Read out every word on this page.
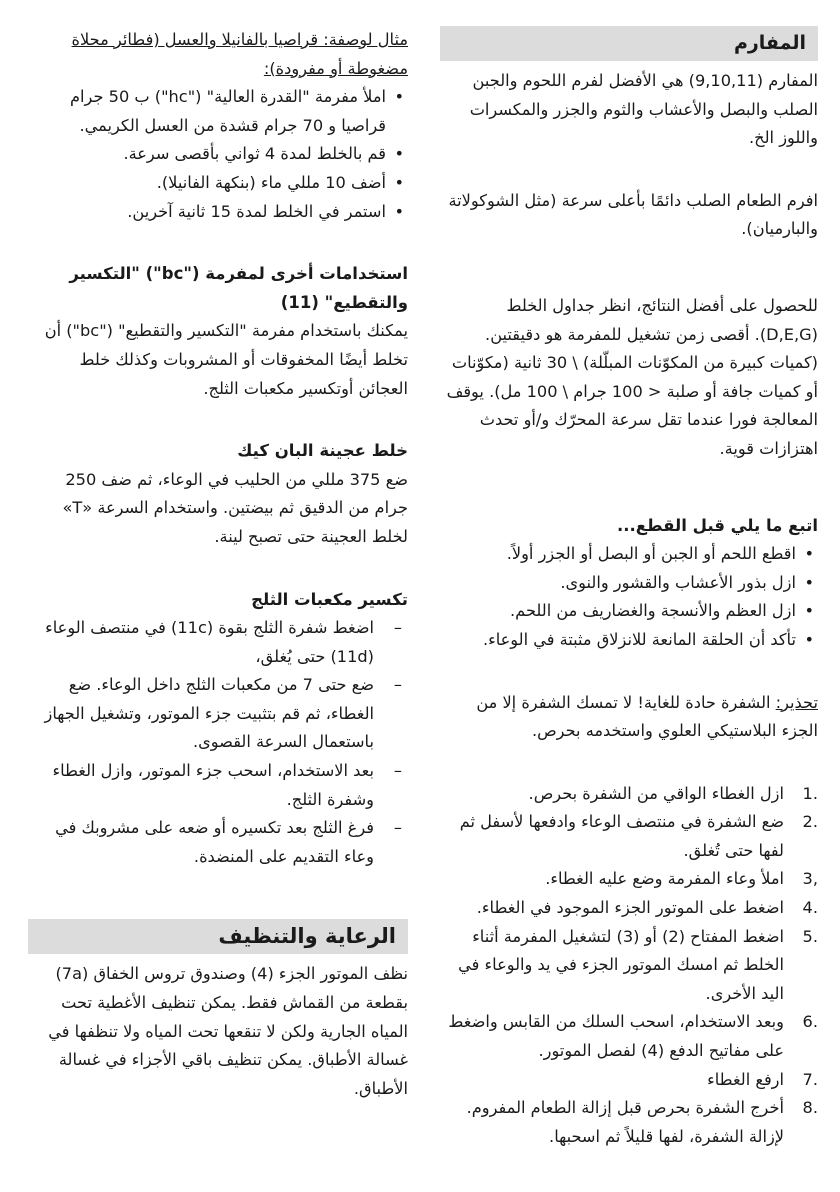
المفارم

المفارم (9,10,11) هي الأفضل لفرم اللحوم والجبن الصلب والبصل والأعشاب والثوم والجزر والمكسرات واللوز الخ.

افرم الطعام الصلب دائمًا بأعلى سرعة (مثل الشوكولاتة والبارميان).

للحصول على أفضل النتائج، انظر جداول الخلط (D,E,G). أقصى زمن تشغيل للمفرمة هو دقيقتين. (كميات كبيرة من المكوّنات المبلّلة) \ 30 ثانية (مكوّنات أو كميات جافة أو صلبة < 100 جرام \ 100 مل). يوقف المعالجة فورا عندما تقل سرعة المحرّك و/أو تحدث اهتزازات قوية.

اتبع ما يلي قبل القطع...
• اقطع اللحم أو الجبن أو البصل أو الجزر أولاً.
• ازل بذور الأعشاب والقشور والنوى.
• ازل العظم والأنسجة والغضاريف من اللحم.
• تأكد أن الحلقة المانعة للانزلاق مثبتة في الوعاء.

تحذير: الشفرة حادة للغاية! لا تمسك الشفرة إلا من الجزء البلاستيكي العلوي واستخدمه بحرص.

1.
ازل الغطاء الواقي من الشفرة بحرص.
2.
ضع الشفرة في منتصف الوعاء وادفعها لأسفل ثم لفها حتى تُغلق.
3,
املأ وعاء المفرمة وضع عليه الغطاء.
4.
اضغط على الموتور الجزء الموجود في الغطاء.
5.
اضغط المفتاح (2) أو (3) لتشغيل المفرمة أثناء الخلط ثم امسك الموتور الجزء في يد والوعاء في اليد الأخرى.
6.
وبعد الاستخدام، اسحب السلك من القابس واضغط على مفاتيح الدفع (4) لفصل الموتور.
7.
ارفع الغطاء
8.
أخرج الشفرة بحرص قبل إزالة الطعام المفروم. لإزالة الشفرة، لفها قليلاً ثم اسحبها.

مثال لوصفة: قراصيا بالفانيلا والعسل (فطائر محلاة مضغوطة أو مفرودة):

• املأ مفرمة "القدرة العالية" ("hc") ب 50 جرام قراصيا و 70 جرام قشدة من العسل الكريمي.
• قم بالخلط لمدة 4 ثواني بأقصى سرعة.
• أضف 10 مللي ماء (بنكهة الفانيلا).
• استمر في الخلط لمدة 15 ثانية آخرين.
استخدامات أخرى لمفرمة ("bc") "التكسير والتقطيع" (11)

يمكنك باستخدام مفرمة "التكسير والتقطيع" ("bc") أن تخلط أيضًا المخفوقات أو المشروبات وكذلك خلط العجائن أوتكسير مكعبات الثلج.

خلط عجينة البان كيك

ضع 375 مللي من الحليب في الوعاء، ثم ضف 250 جرام من الدقيق ثم بيضتين. واستخدام السرعة «T» لخلط العجينة حتى تصبح لينة.

تكسير مكعبات الثلج
– اضغط شفرة الثلج بقوة (11c) في منتصف الوعاء (11d) حتى يُغلق،
– ضع حتى 7 من مكعبات الثلج داخل الوعاء. ضع الغطاء، ثم قم بتثبيت جزء الموتور، وتشغيل الجهاز باستعمال السرعة القصوى.
– بعد الاستخدام، اسحب جزء الموتور، وازل الغطاء وشفرة الثلج.
– فرغ الثلج بعد تكسيره أو ضعه على مشروبك في وعاء التقديم على المنضدة.
الرعاية والتنظيف

نظف الموتور الجزء (4) وصندوق تروس الخفاق (7a) بقطعة من القماش فقط. يمكن تنظيف الأغطية تحت المياه الجارية ولكن لا تنقعها تحت المياه ولا تنظفها في غسالة الأطباق. يمكن تنظيف باقي الأجزاء في غسالة الأطباق.
